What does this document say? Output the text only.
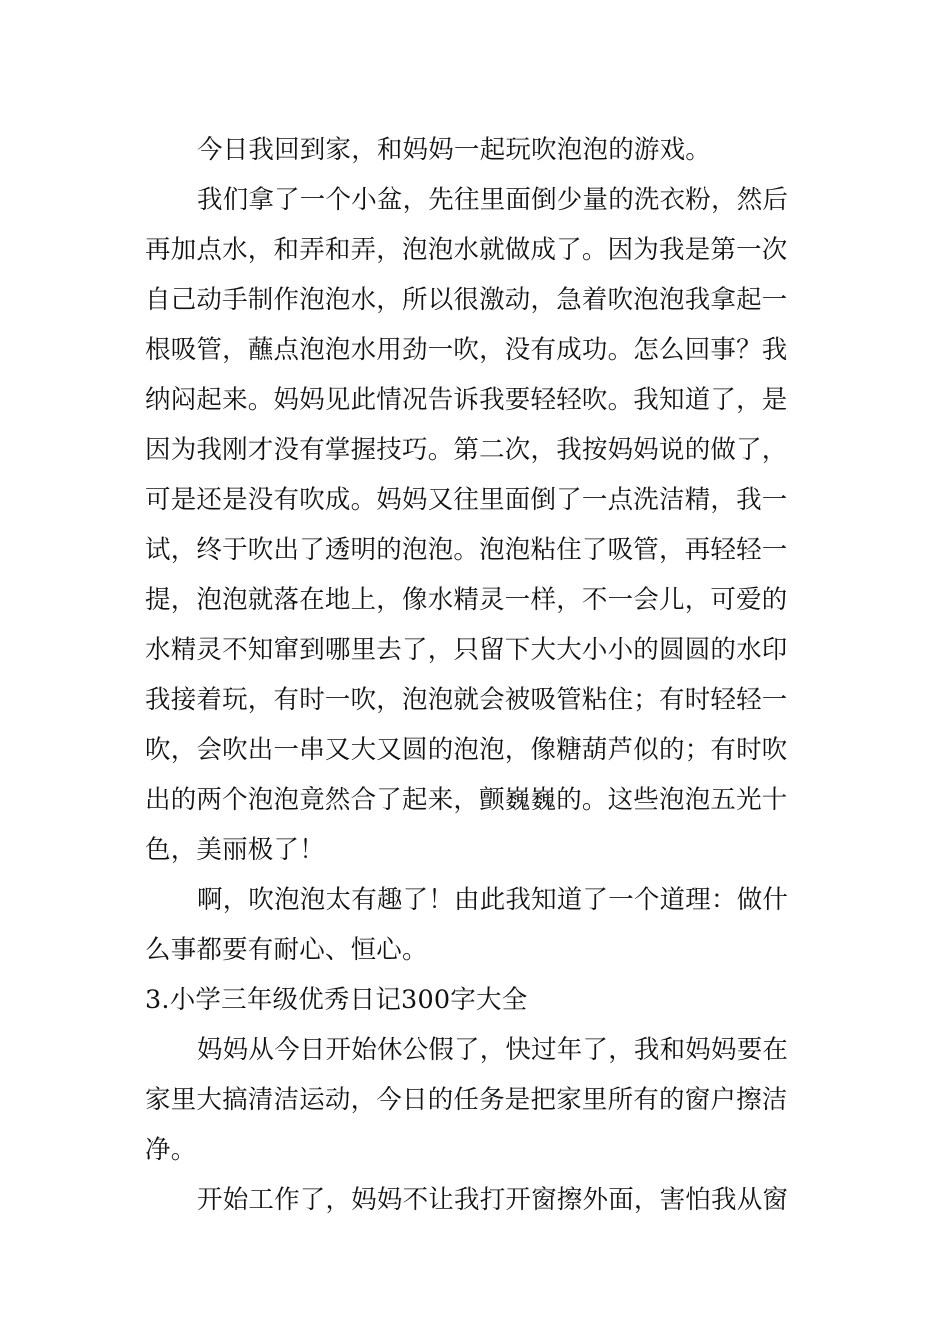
今日我回到家，和妈妈一起玩吹泡泡的游戏。
我们拿了一个小盆，先往里面倒少量的洗衣粉，然后
再加点水，和弄和弄，泡泡水就做成了。因为我是第一次
自己动手制作泡泡水，所以很激动，急着吹泡泡我拿起一
根吸管，蘸点泡泡水用劲一吹，没有成功。怎么回事？我
纳闷起来。妈妈见此情况告诉我要轻轻吹。我知道了，是
因为我刚才没有掌握技巧。第二次，我按妈妈说的做了，
可是还是没有吹成。妈妈又往里面倒了一点洗洁精，我一
试，终于吹出了透明的泡泡。泡泡粘住了吸管，再轻轻一
提，泡泡就落在地上，像水精灵一样，不一会儿，可爱的
水精灵不知窜到哪里去了，只留下大大小小的圆圆的水印
我接着玩，有时一吹，泡泡就会被吸管粘住；有时轻轻一
吹，会吹出一串又大又圆的泡泡，像糖葫芦似的；有时吹
出的两个泡泡竟然合了起来，颤巍巍的。这些泡泡五光十
色，美丽极了！
啊，吹泡泡太有趣了！由此我知道了一个道理：做什
么事都要有耐心、恒心。
3.小学三年级优秀日记300字大全
妈妈从今日开始休公假了，快过年了，我和妈妈要在
家里大搞清洁运动，今日的任务是把家里所有的窗户擦洁
净。
开始工作了，妈妈不让我打开窗擦外面，害怕我从窗
